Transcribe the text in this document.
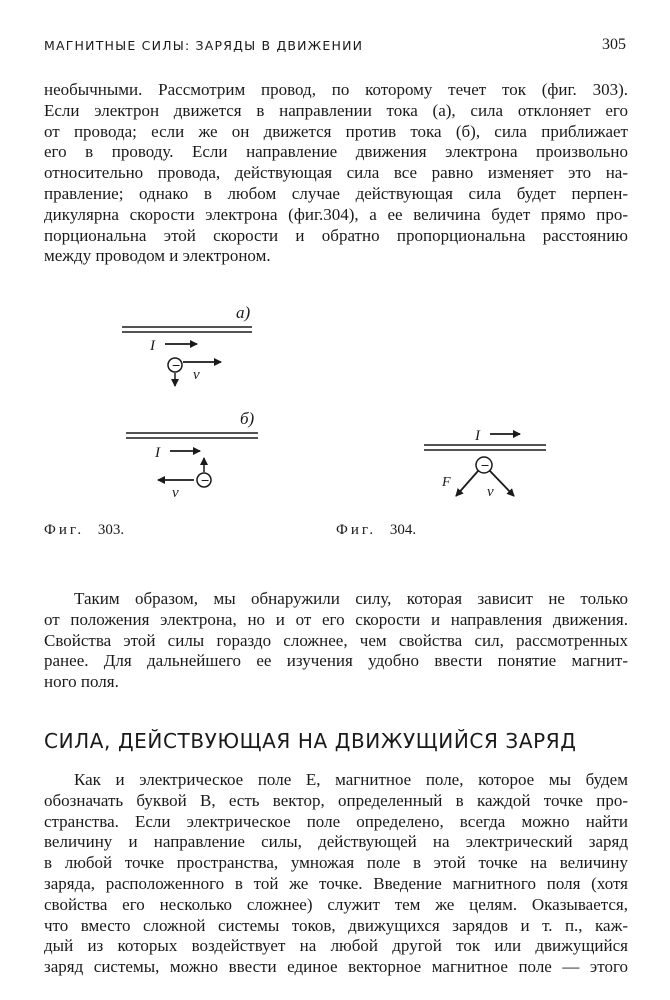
МАГНИТНЫЕ СИЛЫ: ЗАРЯДЫ В ДВИЖЕНИИ	305
необычными. Рассмотрим провод, по которому течет ток (фиг. 303).
Если электрон движется в направлении тока (а), сила отклоняет его
от провода; если же он движется против тока (б), сила приближает
его в проводу. Если направление движения электрона произвольно
относительно провода, действующая сила все равно изменяет это на-
правление; однако в любом случае действующая сила будет перпен-
дикулярна скорости электрона (фиг.304), а ее величина будет прямо про-
порциональна этой скорости и обратно пропорциональна расстоянию
между проводом и электроном.
а)
I
−
v
б)
I
−
v
I
−
F
v
Фиг. 303.	Фиг. 304.
Таким образом, мы обнаружили силу, которая зависит не только
от положения электрона, но и от его скорости и направления движения.
Свойства этой силы гораздо сложнее, чем свойства сил, рассмотренных
ранее. Для дальнейшего ее изучения удобно ввести понятие магнит-
ного поля.
СИЛА, ДЕЙСТВУЮЩАЯ НА ДВИЖУЩИЙСЯ ЗАРЯД
Как и электрическое поле E, магнитное поле, которое мы будем
обозначать буквой B, есть вектор, определенный в каждой точке про-
странства. Если электрическое поле определено, всегда можно найти
величину и направление силы, действующей на электрический заряд
в любой точке пространства, умножая поле в этой точке на величину
заряда, расположенного в той же точке. Введение магнитного поля (хотя
свойства его несколько сложнее) служит тем же целям. Оказывается,
что вместо сложной системы токов, движущихся зарядов и т. п., каж-
дый из которых воздействует на любой другой ток или движущийся
заряд системы, можно ввести единое векторное магнитное поле — этого
